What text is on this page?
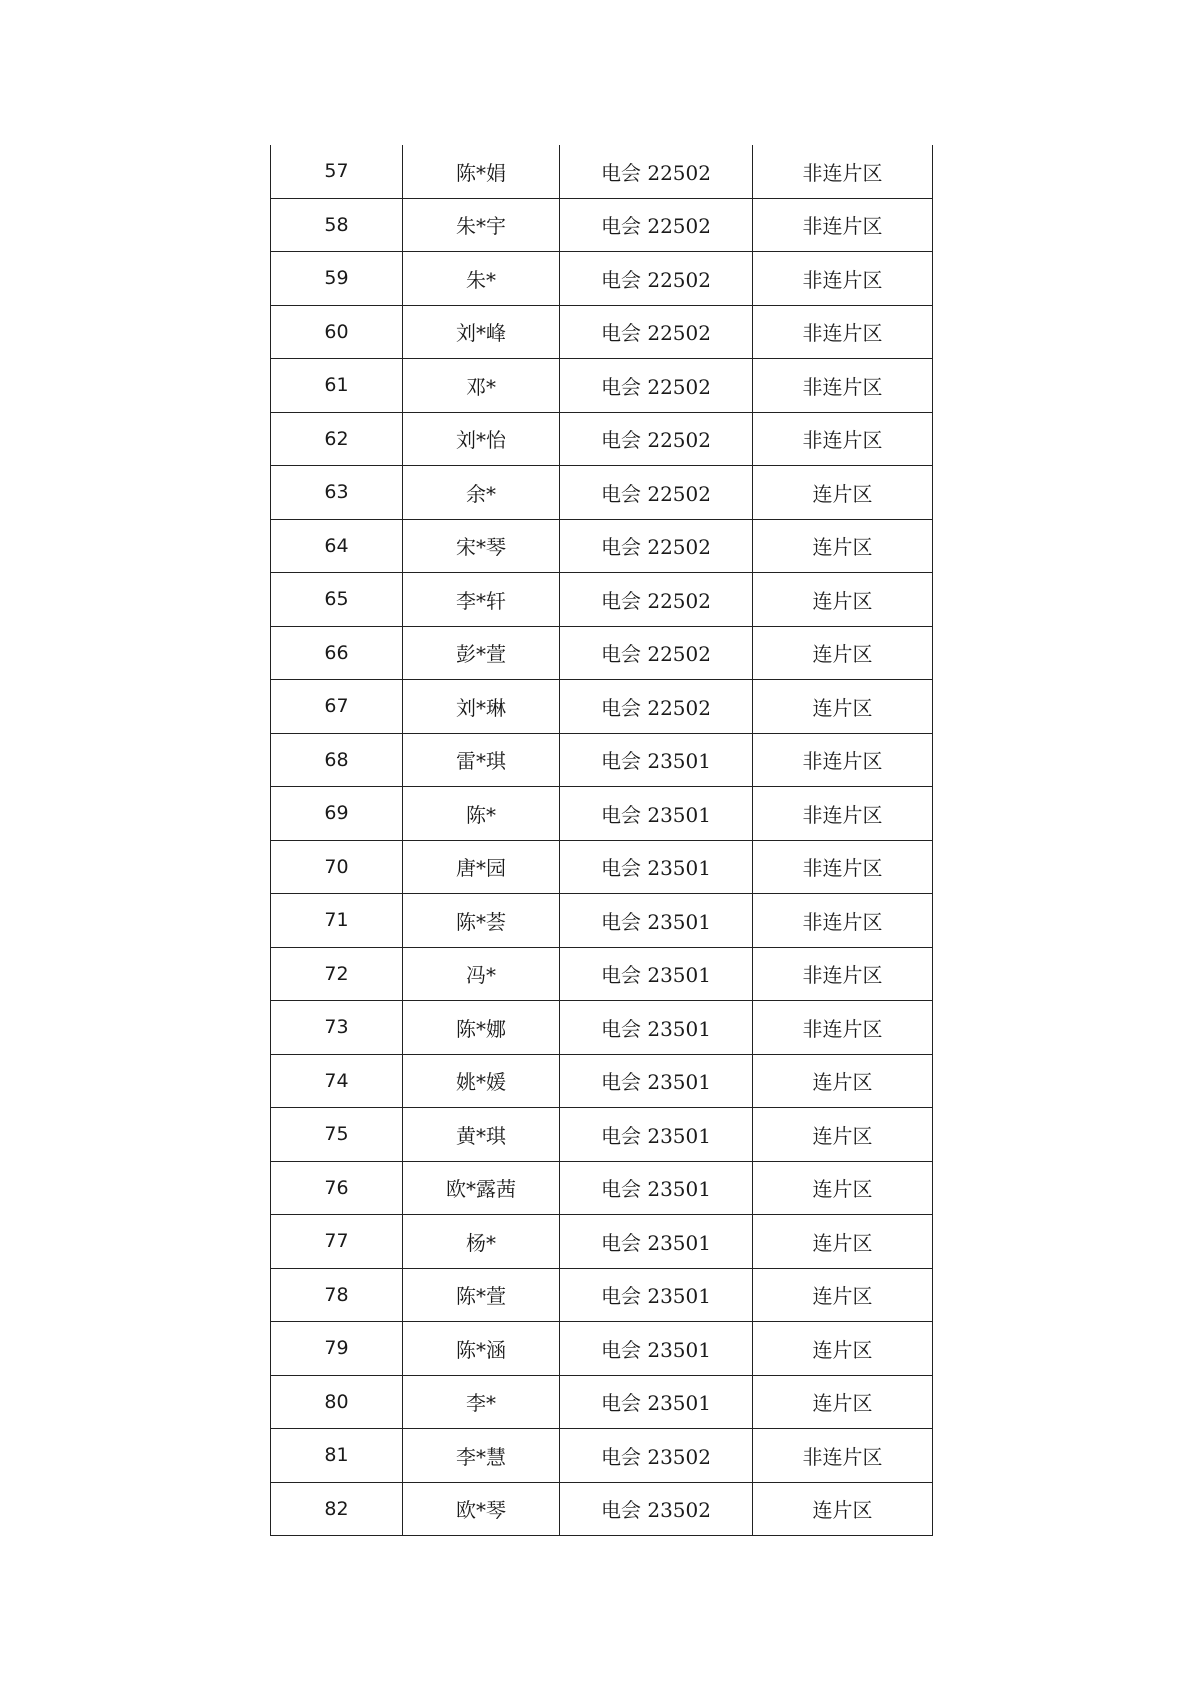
57	陈*娟	电会 22502	非连片区
58	朱*宇	电会 22502	非连片区
59	朱*	电会 22502	非连片区
60	刘*峰	电会 22502	非连片区
61	邓*	电会 22502	非连片区
62	刘*怡	电会 22502	非连片区
63	余*	电会 22502	连片区
64	宋*琴	电会 22502	连片区
65	李*轩	电会 22502	连片区
66	彭*萱	电会 22502	连片区
67	刘*琳	电会 22502	连片区
68	雷*琪	电会 23501	非连片区
69	陈*	电会 23501	非连片区
70	唐*园	电会 23501	非连片区
71	陈*荟	电会 23501	非连片区
72	冯*	电会 23501	非连片区
73	陈*娜	电会 23501	非连片区
74	姚*媛	电会 23501	连片区
75	黄*琪	电会 23501	连片区
76	欧*露茜	电会 23501	连片区
77	杨*	电会 23501	连片区
78	陈*萱	电会 23501	连片区
79	陈*涵	电会 23501	连片区
80	李*	电会 23501	连片区
81	李*慧	电会 23502	非连片区
82	欧*琴	电会 23502	连片区
